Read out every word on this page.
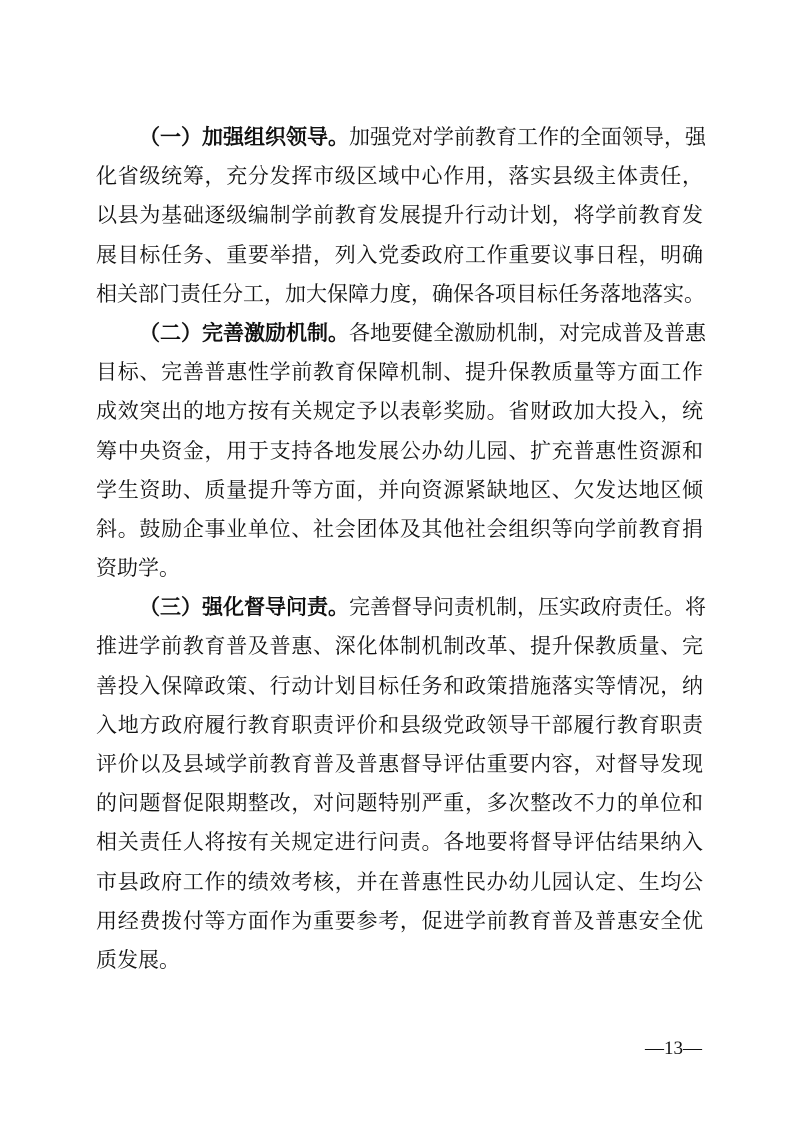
（一）加强组织领导。加强党对学前教育工作的全面领导，强
化省级统筹，充分发挥市级区域中心作用，落实县级主体责任，
以县为基础逐级编制学前教育发展提升行动计划，将学前教育发
展目标任务、重要举措，列入党委政府工作重要议事日程，明确
相关部门责任分工，加大保障力度，确保各项目标任务落地落实。
（二）完善激励机制。各地要健全激励机制，对完成普及普惠
目标、完善普惠性学前教育保障机制、提升保教质量等方面工作
成效突出的地方按有关规定予以表彰奖励。省财政加大投入，统
筹中央资金，用于支持各地发展公办幼儿园、扩充普惠性资源和
学生资助、质量提升等方面，并向资源紧缺地区、欠发达地区倾
斜。鼓励企事业单位、社会团体及其他社会组织等向学前教育捐
资助学。
（三）强化督导问责。完善督导问责机制，压实政府责任。将
推进学前教育普及普惠、深化体制机制改革、提升保教质量、完
善投入保障政策、行动计划目标任务和政策措施落实等情况，纳
入地方政府履行教育职责评价和县级党政领导干部履行教育职责
评价以及县域学前教育普及普惠督导评估重要内容，对督导发现
的问题督促限期整改，对问题特别严重，多次整改不力的单位和
相关责任人将按有关规定进行问责。各地要将督导评估结果纳入
市县政府工作的绩效考核，并在普惠性民办幼儿园认定、生均公
用经费拨付等方面作为重要参考，促进学前教育普及普惠安全优
质发展。
—13—
